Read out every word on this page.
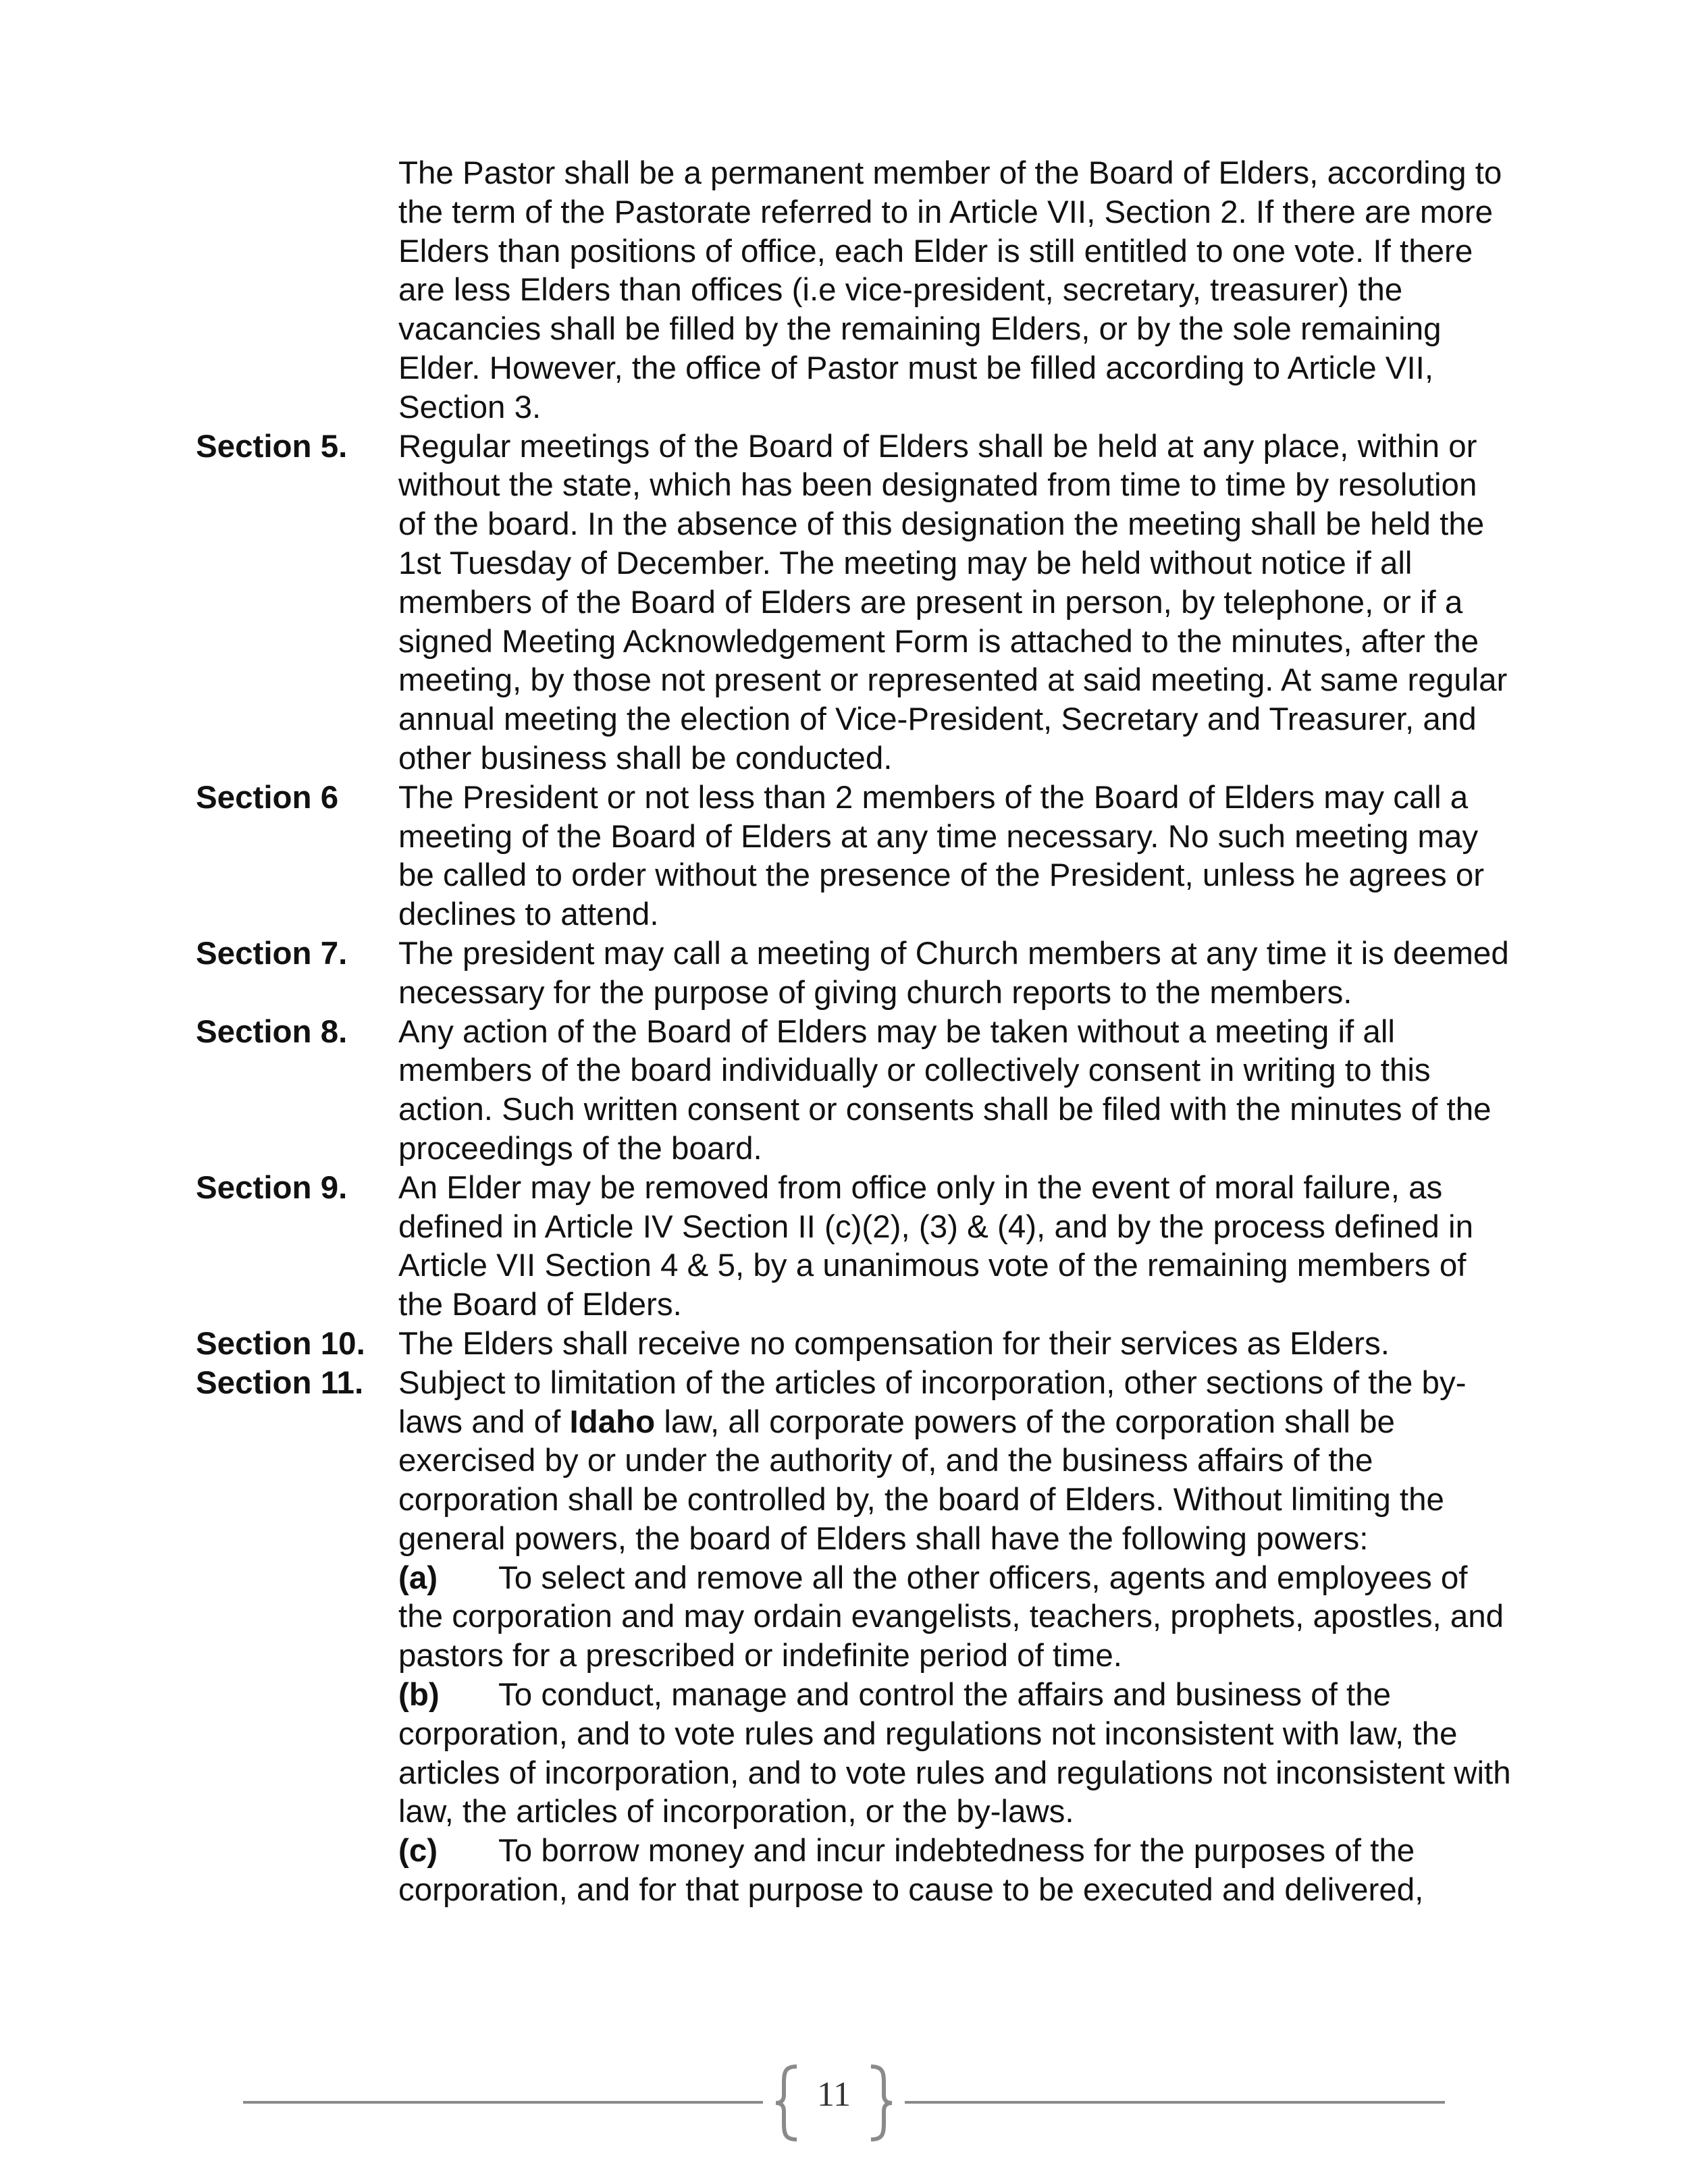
The Pastor shall be a permanent member of the Board of Elders, according to the term of the Pastorate referred to in Article VII, Section 2. If there are more Elders than positions of office, each Elder is still entitled to one vote. If there are less Elders than offices (i.e vice-president, secretary, treasurer) the vacancies shall be filled by the remaining Elders, or by the sole remaining Elder. However, the office of Pastor must be filled according to Article VII, Section 3.
Section 5.	Regular meetings of the Board of Elders shall be held at any place, within or without the state, which has been designated from time to time by resolution of the board. In the absence of this designation the meeting shall be held the 1st Tuesday of December. The meeting may be held without notice if all members of the Board of Elders are present in person, by telephone, or if a signed Meeting Acknowledgement Form is attached to the minutes, after the meeting, by those not present or represented at said meeting. At same regular annual meeting the election of Vice-President, Secretary and Treasurer, and other business shall be conducted.
Section 6	The President or not less than 2 members of the Board of Elders may call a meeting of the Board of Elders at any time necessary. No such meeting may be called to order without the presence of the President, unless he agrees or declines to attend.
Section 7.	The president may call a meeting of Church members at any time it is deemed necessary for the purpose of giving church reports to the members.
Section 8.	Any action of the Board of Elders may be taken without a meeting if all members of the board individually or collectively consent in writing to this action. Such written consent or consents shall be filed with the minutes of the proceedings of the board.
Section 9.	An Elder may be removed from office only in the event of moral failure, as defined in Article IV Section II (c)(2), (3) & (4), and by the process defined in Article VII Section 4 & 5, by a unanimous vote of the remaining members of the Board of Elders.
Section 10.	The Elders shall receive no compensation for their services as Elders.
Section 11.	Subject to limitation of the articles of incorporation, other sections of the by-laws and of Idaho law, all corporate powers of the corporation shall be exercised by or under the authority of, and the business affairs of the corporation shall be controlled by, the board of Elders. Without limiting the general powers, the board of Elders shall have the following powers:
(a) To select and remove all the other officers, agents and employees of the corporation and may ordain evangelists, teachers, prophets, apostles, and pastors for a prescribed or indefinite period of time.
(b) To conduct, manage and control the affairs and business of the corporation, and to vote rules and regulations not inconsistent with law, the articles of incorporation, and to vote rules and regulations not inconsistent with law, the articles of incorporation, or the by-laws.
(c) To borrow money and incur indebtedness for the purposes of the corporation, and for that purpose to cause to be executed and delivered,
11
